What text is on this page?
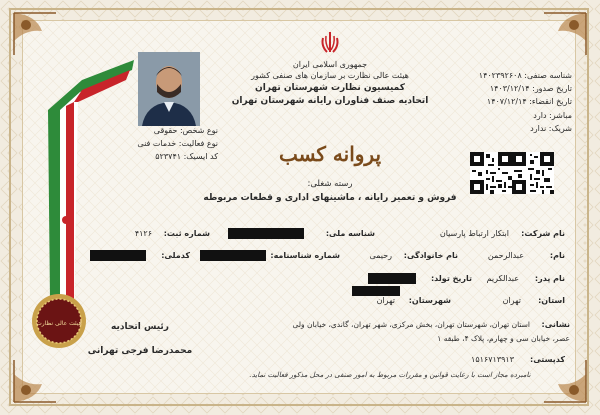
هیئت عالی نظارت
جمهوری اسلامی ایران
هیئت عالی نظارت بر سازمان های صنفی کشور
کمیسیون نظارت شهرستان تهران
اتحادیه صنف فناوران رایانه شهرستان تهران
پروانه کسب
رسته شغلی:
فروش و تعمیر رایانه ، ماشینهای اداری و قطعات مربوطه
نوع شخص: حقوقی
نوع فعالیت: خدمات فنی
کد ایسیک: ۵۲۳۷۴۱
شناسه صنفی: ۱۴۰۲۳۹۲۶۰۸
تاریخ صدور: ۱۴۰۳/۱۲/۱۴
تاریخ انقضاء: ۱۴۰۷/۱۲/۱۴
مباشر: دارد
شریک: ندارد
نام شرکت:
ابتکار ارتباط پارسیان
نام:
عبدالرحمن
نام پدر:
عبدالکریم
استان:
تهران
شناسه ملی:
نام خانوادگی:
رحیمی
تاریخ تولد:
شهرستان:
تهران
شماره ثبت:
۴۱۲۶
شماره شناسنامه:
کدملی:
نشانی:
استان تهران، شهرستان تهران، بخش مرکزی، شهر تهران، گاندی، خیابان ولی
عصر، خیابان سی و چهارم، پلاک ۴، طبقه ۱
کدپستی:
۱۵۱۶۷۱۳۹۱۳
رئیس اتحادیه
محمدرضا فرجی تهرانی
نامبرده مجاز است با رعایت قوانین و مقررات مربوط به امور صنفی در محل مذکور فعالیت نماید.
